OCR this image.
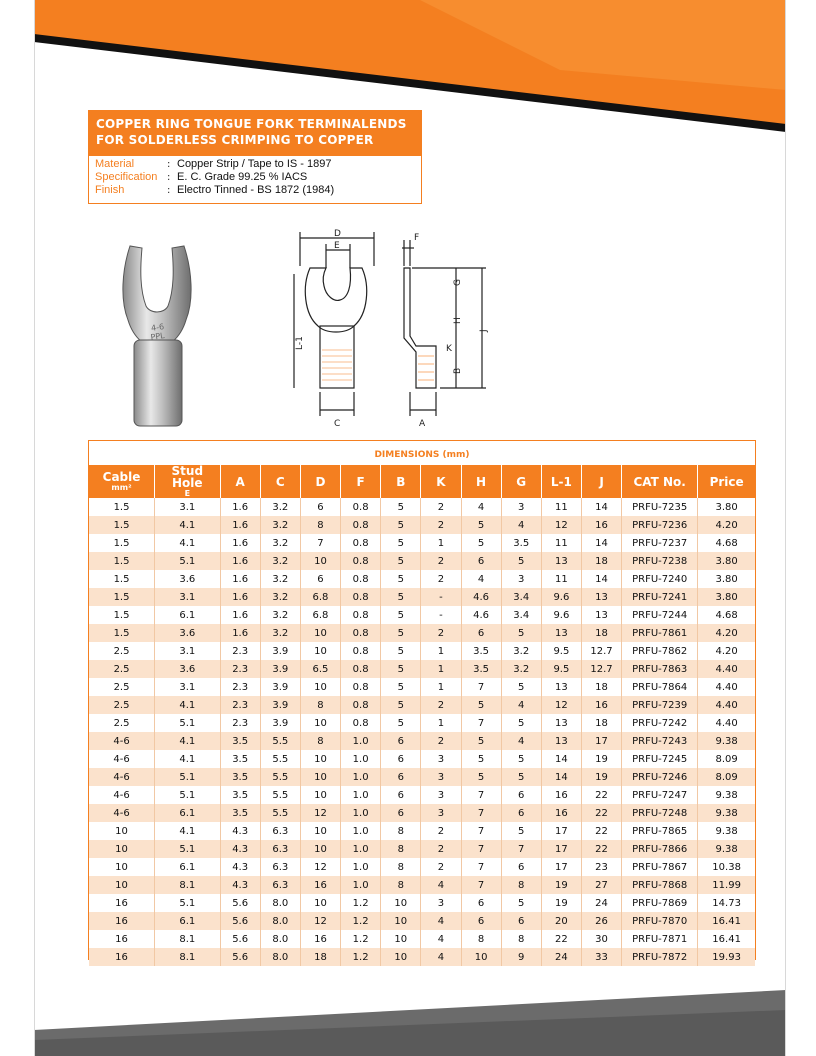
COPPER RING TONGUE FORK TERMINALENDS
FOR SOLDERLESS CRIMPING TO COPPER
Material	: Copper Strip / Tape to IS - 1897
Specification : E. C. Grade 99.25 % IACS
Finish	: Electro Tinned - BS 1872 (1984)
4-6
PPL
D
E
F
G
H
K
B
J
L-1
C	A
DIMENSIONS (mm)
Cable
mm²	Stud Hole
E	A	C	D	F	B	K	H	G	L-1	J	CAT No.	Price
1.5	3.1	1.6	3.2	6	0.8	5	2	4	3	11	14	PRFU-7235	3.80
1.5	4.1	1.6	3.2	8	0.8	5	2	5	4	12	16	PRFU-7236	4.20
1.5	4.1	1.6	3.2	7	0.8	5	1	5	3.5	11	14	PRFU-7237	4.68
1.5	5.1	1.6	3.2	10	0.8	5	2	6	5	13	18	PRFU-7238	3.80
1.5	3.6	1.6	3.2	6	0.8	5	2	4	3	11	14	PRFU-7240	3.80
1.5	3.1	1.6	3.2	6.8	0.8	5	-	4.6	3.4	9.6	13	PRFU-7241	3.80
1.5	6.1	1.6	3.2	6.8	0.8	5	-	4.6	3.4	9.6	13	PRFU-7244	4.68
1.5	3.6	1.6	3.2	10	0.8	5	2	6	5	13	18	PRFU-7861	4.20
2.5	3.1	2.3	3.9	10	0.8	5	1	3.5	3.2	9.5	12.7	PRFU-7862	4.20
2.5	3.6	2.3	3.9	6.5	0.8	5	1	3.5	3.2	9.5	12.7	PRFU-7863	4.40
2.5	3.1	2.3	3.9	10	0.8	5	1	7	5	13	18	PRFU-7864	4.40
2.5	4.1	2.3	3.9	8	0.8	5	2	5	4	12	16	PRFU-7239	4.40
2.5	5.1	2.3	3.9	10	0.8	5	1	7	5	13	18	PRFU-7242	4.40
4-6	4.1	3.5	5.5	8	1.0	6	2	5	4	13	17	PRFU-7243	9.38
4-6	4.1	3.5	5.5	10	1.0	6	3	5	5	14	19	PRFU-7245	8.09
4-6	5.1	3.5	5.5	10	1.0	6	3	5	5	14	19	PRFU-7246	8.09
4-6	5.1	3.5	5.5	10	1.0	6	3	7	6	16	22	PRFU-7247	9.38
4-6	6.1	3.5	5.5	12	1.0	6	3	7	6	16	22	PRFU-7248	9.38
10	4.1	4.3	6.3	10	1.0	8	2	7	5	17	22	PRFU-7865	9.38
10	5.1	4.3	6.3	10	1.0	8	2	7	7	17	22	PRFU-7866	9.38
10	6.1	4.3	6.3	12	1.0	8	2	7	6	17	23	PRFU-7867	10.38
10	8.1	4.3	6.3	16	1.0	8	4	7	8	19	27	PRFU-7868	11.99
16	5.1	5.6	8.0	10	1.2	10	3	6	5	19	24	PRFU-7869	14.73
16	6.1	5.6	8.0	12	1.2	10	4	6	6	20	26	PRFU-7870	16.41
16	8.1	5.6	8.0	16	1.2	10	4	8	8	22	30	PRFU-7871	16.41
16	8.1	5.6	8.0	18	1.2	10	4	10	9	24	33	PRFU-7872	19.93
